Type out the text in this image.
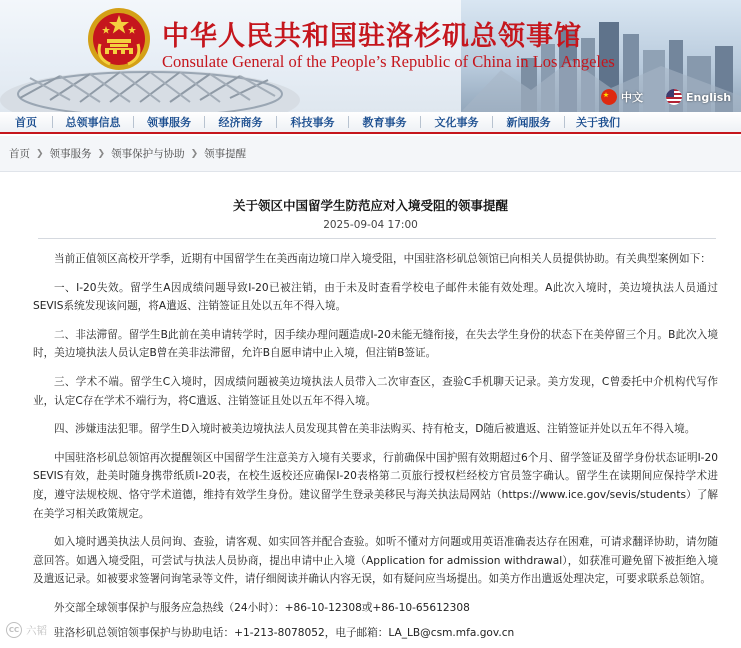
中华人民共和国驻洛杉矶总领事馆
Consulate General of the People’s Republic of China in Los Angeles
中文	English
首页	总领事信息	领事服务	经济商务	科技事务	教育事务	文化事务	新闻服务	关于我们
首页 ❯ 领事服务 ❯ 领事保护与协助 ❯ 领事提醒
关于领区中国留学生防范应对入境受阻的领事提醒
2025-09-04 17:00

当前正值领区高校开学季，近期有中国留学生在美西南边境口岸入境受阻，中国驻洛杉矶总领馆已向相关人员提供协助。有关典型案例如下：

一、I-20失效。留学生A因成绩问题导致I-20已被注销，由于未及时查看学校电子邮件未能有效处理。A此次入境时，美边境执法人员通过SEVIS系统发现该问题，将A遣返、注销签证且处以五年不得入境。

二、非法滞留。留学生B此前在美申请转学时，因手续办理问题造成I-20未能无缝衔接，在失去学生身份的状态下在美停留三个月。B此次入境时，美边境执法人员认定B曾在美非法滞留，允许B自愿申请中止入境，但注销B签证。

三、学术不端。留学生C入境时，因成绩问题被美边境执法人员带入二次审查区，查验C手机聊天记录。美方发现，C曾委托中介机构代写作业，认定C存在学术不端行为，将C遣返、注销签证且处以五年不得入境。

四、涉嫌违法犯罪。留学生D入境时被美边境执法人员发现其曾在美非法购买、持有枪支，D随后被遣返、注销签证并处以五年不得入境。

中国驻洛杉矶总领馆再次提醒领区中国留学生注意美方入境有关要求，行前确保中国护照有效期超过6个月、留学签证及留学身份状态证明I-20 SEVIS有效，赴美时随身携带纸质I-20表，在校生返校还应确保I-20表格第二页旅行授权栏经校方官员签字确认。留学生在读期间应保持学术进度，遵守法规校规、恪守学术道德，维持有效学生身份。建议留学生登录美移民与海关执法局网站（https://www.ice.gov/sevis/students）了解在美学习相关政策规定。

如入境时遇美执法人员问询、查验，请客观、如实回答并配合查验。如听不懂对方问题或用英语准确表达存在困难，可请求翻译协助，请勿随意回答。如遇入境受阻，可尝试与执法人员协商，提出申请中止入境（Application for admission withdrawal），如获准可避免留下被拒绝入境及遣返记录。如被要求签署问询笔录等文件，请仔细阅读并确认内容无误，如有疑问应当场提出。如美方作出遣返处理决定，可要求联系总领馆。

外交部全球领事保护与服务应急热线（24小时）：+86-10-12308或+86-10-65612308

驻洛杉矶总领馆领事保护与协助电话：+1-213-8078052，电子邮箱：LA_LB@csm.mfa.gov.cn

CC 六韬
